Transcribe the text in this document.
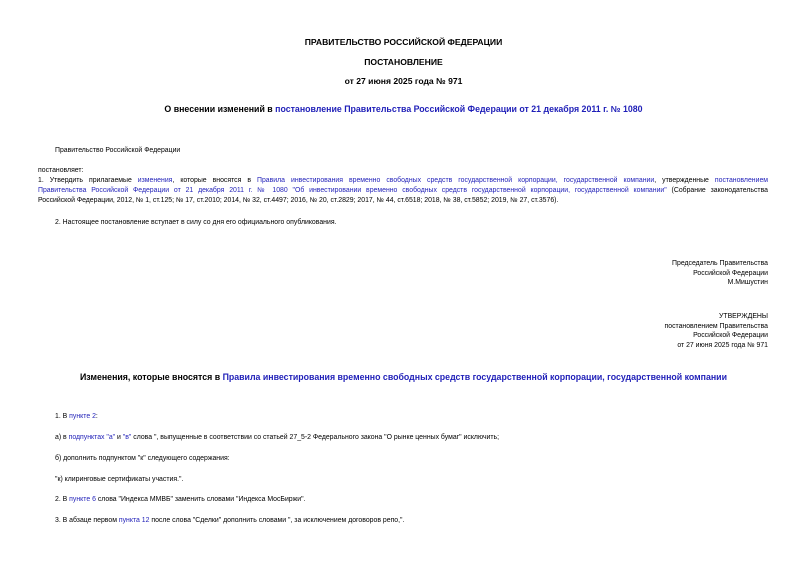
ПРАВИТЕЛЬСТВО РОССИЙСКОЙ ФЕДЕРАЦИИ
ПОСТАНОВЛЕНИЕ
от 27 июня 2025 года № 971
О внесении изменений в постановление Правительства Российской Федерации от 21 декабря 2011 г. № 1080
Правительство Российской Федерации
постановляет:
1. Утвердить прилагаемые изменения, которые вносятся в Правила инвестирования временно свободных средств государственной корпорации, государственной компании, утвержденные постановлением
Правительства Российской Федерации от 21 декабря 2011 г. № 1080 "Об инвестировании временно свободных средств государственной корпорации, государственной компании" (Собрание законодательства
Российской Федерации, 2012, № 1, ст.125; № 17, ст.2010; 2014, № 32, ст.4497; 2016, № 20, ст.2829; 2017, № 44, ст.6518; 2018, № 38, ст.5852; 2019, № 27, ст.3576).
2. Настоящее постановление вступает в силу со дня его официального опубликования.
Председатель Правительства
Российской Федерации
М.Мишустин
УТВЕРЖДЕНЫ
постановлением Правительства
Российской Федерации
от 27 июня 2025 года № 971
Изменения, которые вносятся в Правила инвестирования временно свободных средств государственной корпорации, государственной компании
1. В пункте 2:
а) в подпунктах "а" и "в" слова ", выпущенные в соответствии со статьей 27_5-2 Федерального закона "О рынке ценных бумаг" исключить;
б) дополнить подпунктом "к" следующего содержания:
"к) клиринговые сертификаты участия.".
2. В пункте 6 слова "Индекса ММВБ" заменить словами "Индекса МосБиржи".
3. В абзаце первом пункта 12 после слова "Сделки" дополнить словами ", за исключением договоров репо,".
